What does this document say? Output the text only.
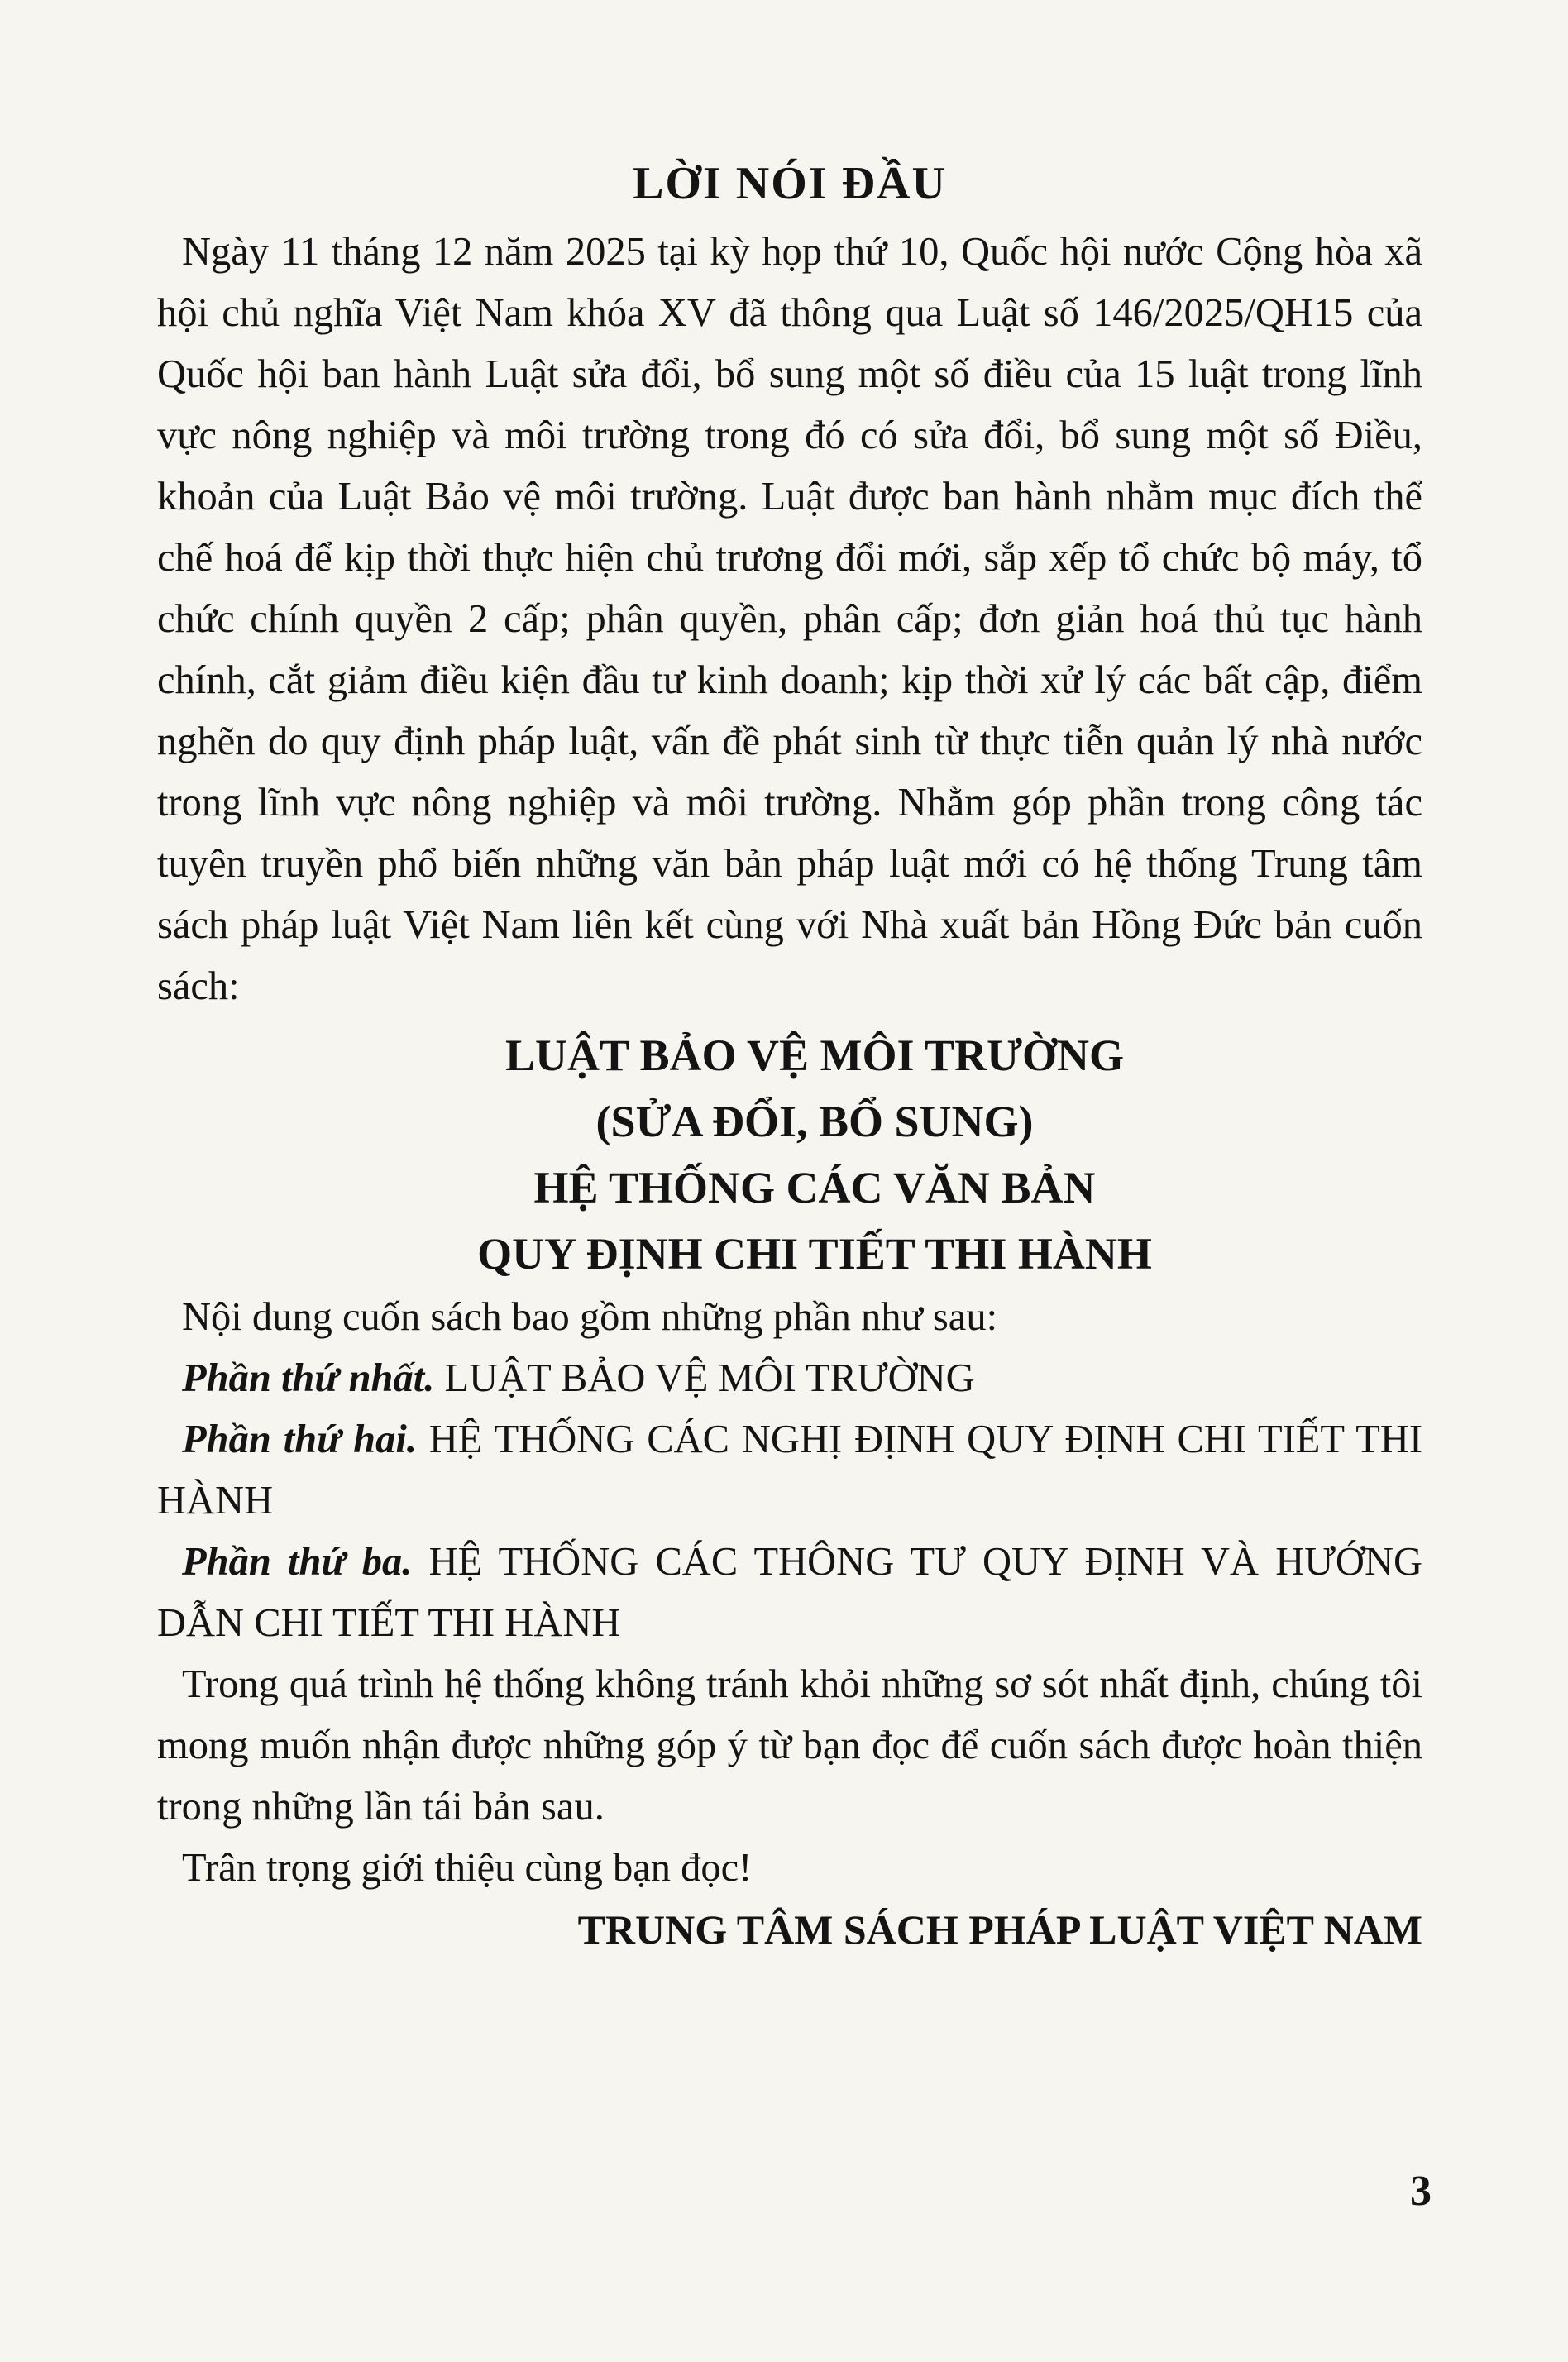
LỜI NÓI ĐẦU

Ngày 11 tháng 12 năm 2025 tại kỳ họp thứ 10, Quốc hội nước Cộng hòa xã hội chủ nghĩa Việt Nam khóa XV đã thông qua Luật số 146/2025/QH15 của Quốc hội ban hành Luật sửa đổi, bổ sung một số điều của 15 luật trong lĩnh vực nông nghiệp và môi trường trong đó có sửa đổi, bổ sung một số Điều, khoản của Luật Bảo vệ môi trường. Luật được ban hành nhằm mục đích thể chế hoá để kịp thời thực hiện chủ trương đổi mới, sắp xếp tổ chức bộ máy, tổ chức chính quyền 2 cấp; phân quyền, phân cấp; đơn giản hoá thủ tục hành chính, cắt giảm điều kiện đầu tư kinh doanh; kịp thời xử lý các bất cập, điểm nghẽn do quy định pháp luật, vấn đề phát sinh từ thực tiễn quản lý nhà nước trong lĩnh vực nông nghiệp và môi trường. Nhằm góp phần trong công tác tuyên truyền phổ biến những văn bản pháp luật mới có hệ thống Trung tâm sách pháp luật Việt Nam liên kết cùng với Nhà xuất bản Hồng Đức bản cuốn sách:

LUẬT BẢO VỆ MÔI TRƯỜNG
(SỬA ĐỔI, BỔ SUNG)
HỆ THỐNG CÁC VĂN BẢN
QUY ĐỊNH CHI TIẾT THI HÀNH

Nội dung cuốn sách bao gồm những phần như sau:

Phần thứ nhất. LUẬT BẢO VỆ MÔI TRƯỜNG

Phần thứ hai. HỆ THỐNG CÁC NGHỊ ĐỊNH QUY ĐỊNH CHI TIẾT THI HÀNH

Phần thứ ba. HỆ THỐNG CÁC THÔNG TƯ QUY ĐỊNH VÀ HƯỚNG DẪN CHI TIẾT THI HÀNH

Trong quá trình hệ thống không tránh khỏi những sơ sót nhất định, chúng tôi mong muốn nhận được những góp ý từ bạn đọc để cuốn sách được hoàn thiện trong những lần tái bản sau.

Trân trọng giới thiệu cùng bạn đọc!

TRUNG TÂM SÁCH PHÁP LUẬT VIỆT NAM
3
